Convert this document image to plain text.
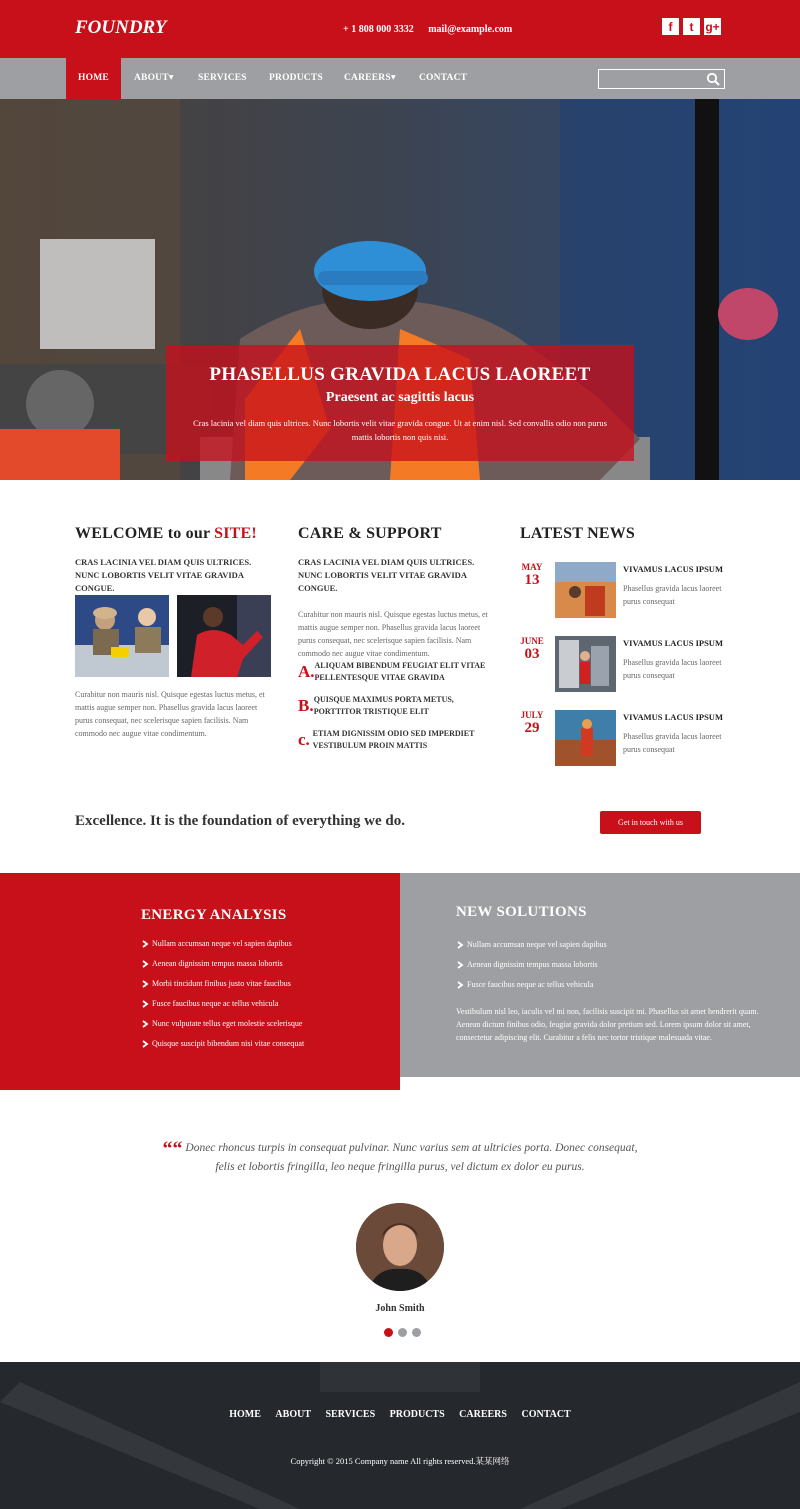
FOUNDRY	+ 1 808 000 3332 mail@example.com	f	t g+
HOME	ABOUT▾	SERVICES PRODUCTS CAREERS▾ CONTACT
PHASELLUS GRAVIDA LACUS LAOREET
Praesent ac sagittis lacus

Cras lacinia vel diam quis ultrices. Nunc lobortis velit vitae gravida congue. Ut at enim nisl. Sed convallis odio non purus mattis lobortis non quis nisi.

WELCOME to our SITE!
CRAS LACINIA VEL DIAM QUIS ULTRICES. NUNC LOBORTIS VELIT VITAE GRAVIDA CONGUE.
Curabitur non mauris nisl. Quisque egestas luctus metus, et mattis augue semper non. Phasellus gravida lacus laoreet purus consequat, nec scelerisque sapien facilisis. Nam commodo nec augue vitae condimentum.
CARE & SUPPORT
CRAS LACINIA VEL DIAM QUIS ULTRICES. NUNC LOBORTIS VELIT VITAE GRAVIDA CONGUE.
Curabitur non mauris nisl. Quisque egestas luctus metus, et mattis augue semper non. Phasellus gravida lacus laoreet purus consequat, nec scelerisque sapien facilisis. Nam commodo nec augue vitae condimentum.
A. ALIQUAM BIBENDUM FEUGIAT ELIT VITAE PELLENTESQUE VITAE GRAVIDA
B. QUISQUE MAXIMUS PORTA METUS, PORTTITOR TRISTIQUE ELIT
c. ETIAM DIGNISSIM ODIO SED IMPERDIET VESTIBULUM PROIN MATTIS
LATEST NEWS
MAY
13
VIVAMUS LACUS IPSUM
Phasellus gravida lacus laoreet purus consequat
JUNE
03
VIVAMUS LACUS IPSUM
Phasellus gravida lacus laoreet purus consequat
JULY
29
VIVAMUS LACUS IPSUM
Phasellus gravida lacus laoreet purus consequat
Excellence. It is the foundation of everything we do.	Get in touch with us
ENERGY ANALYSIS
Nullam accumsan neque vel sapien dapibus
Aenean dignissim tempus massa lobortis
Morbi tincidunt finibus justo vitae faucibus
Fusce faucibus neque ac tellus vehicula
Nunc vulputate tellus eget molestie scelerisque
Quisque suscipit bibendum nisi vitae consequat
NEW SOLUTIONS
Nullam accumsan neque vel sapien dapibus
Aenean dignissim tempus massa lobortis
Fusce faucibus neque ac tellus vehicula
Vestibulum nisl leo, iaculis vel mi non, facilisis suscipit mi. Phasellus sit amet hendrerit quam. Aenean dictum finibus odio, feugiat gravida dolor pretium sed. Lorem ipsum dolor sit amet, consectetur adipiscing elit. Curabitur a felis nec tortor tristique malesuada vitae.
““ Donec rhoncus turpis in consequat pulvinar. Nunc varius sem at ultricies porta. Donec consequat, felis et lobortis fringilla, leo neque fringilla purus, vel dictum ex dolor eu purus.
John Smith
HOME ABOUT SERVICES PRODUCTS CAREERS CONTACT
Copyright © 2015 Company name All rights reserved.某某网络
